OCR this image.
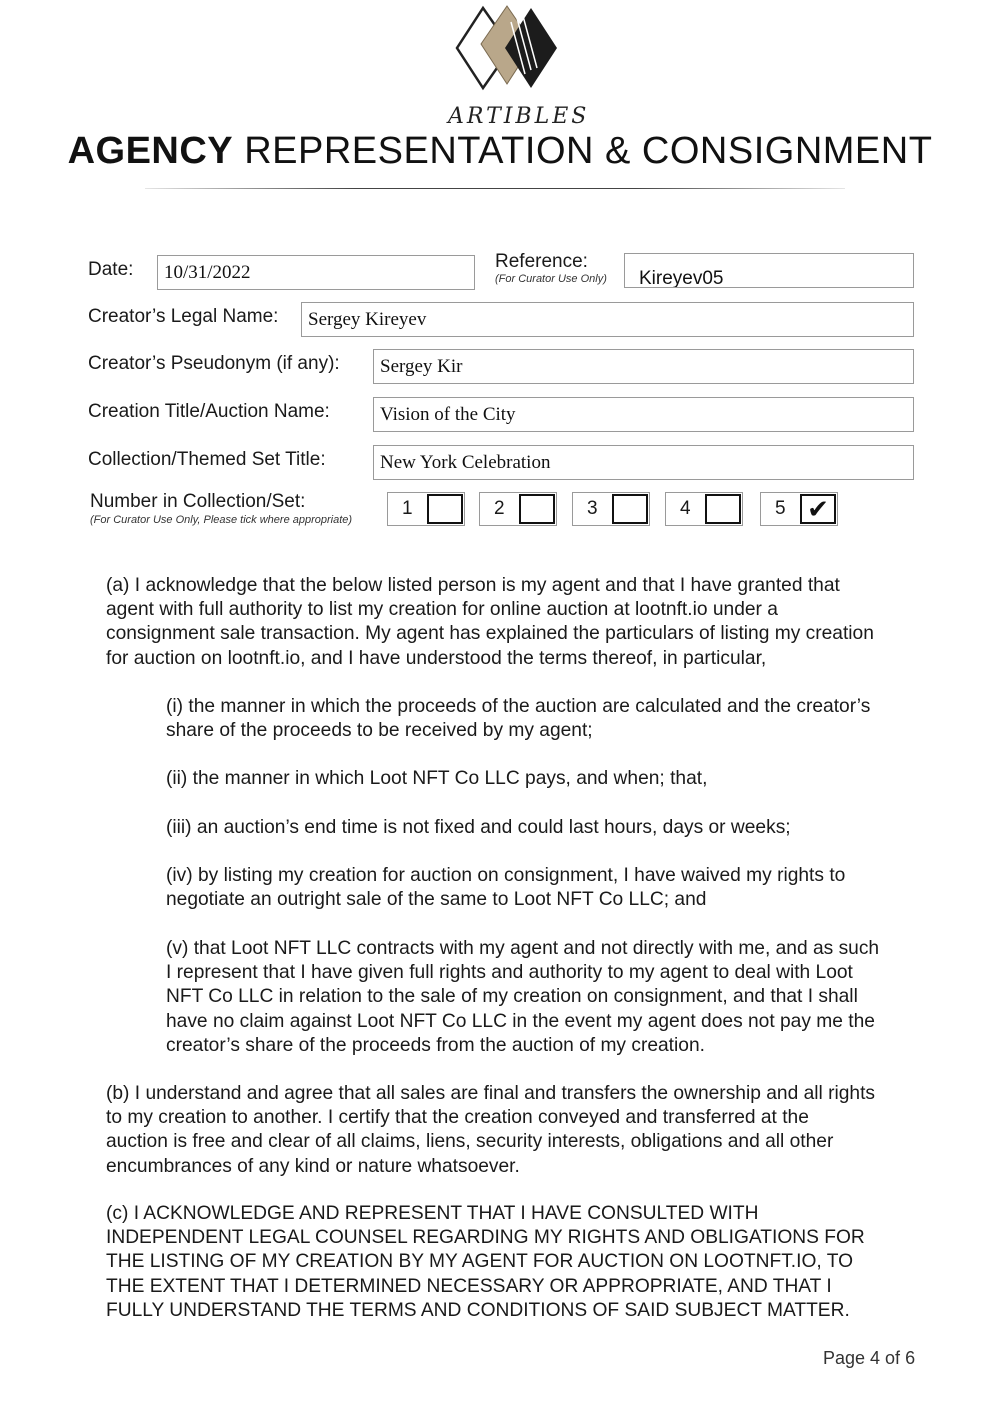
ARTIBLES
AGENCY REPRESENTATION & CONSIGNMENT
Date:	10/31/2022
Reference:
(For Curator Use Only)	Kireyev05
Creator’s Legal Name:	Sergey Kireyev
Creator’s Pseudonym (if any):	Sergey Kir
Creation Title/Auction Name:	Vision of the City
Collection/Themed Set Title:	New York Celebration
Number in Collection/Set:
(For Curator Use Only, Please tick where appropriate)
1	2	3	4	5 ✔

(a) I acknowledge that the below listed person is my agent and that I have granted that

agent with full authority to list my creation for online auction at lootnft.io under a

consignment sale transaction. My agent has explained the particulars of listing my creation

for auction on lootnft.io, and I have understood the terms thereof, in particular,

(i) the manner in which the proceeds of the auction are calculated and the creator’s

share of the proceeds to be received by my agent;

(ii) the manner in which Loot NFT Co LLC pays, and when; that,

(iii) an auction’s end time is not fixed and could last hours, days or weeks;

(iv) by listing my creation for auction on consignment, I have waived my rights to

negotiate an outright sale of the same to Loot NFT Co LLC; and

(v) that Loot NFT LLC contracts with my agent and not directly with me, and as such

I represent that I have given full rights and authority to my agent to deal with Loot

NFT Co LLC in relation to the sale of my creation on consignment, and that I shall

have no claim against Loot NFT Co LLC in the event my agent does not pay me the

creator’s share of the proceeds from the auction of my creation.

(b) I understand and agree that all sales are final and transfers the ownership and all rights

to my creation to another. I certify that the creation conveyed and transferred at the

auction is free and clear of all claims, liens, security interests, obligations and all other

encumbrances of any kind or nature whatsoever.

(c) I ACKNOWLEDGE AND REPRESENT THAT I HAVE CONSULTED WITH

INDEPENDENT LEGAL COUNSEL REGARDING MY RIGHTS AND OBLIGATIONS FOR

THE LISTING OF MY CREATION BY MY AGENT FOR AUCTION ON LOOTNFT.IO, TO

THE EXTENT THAT I DETERMINED NECESSARY OR APPROPRIATE, AND THAT I

FULLY UNDERSTAND THE TERMS AND CONDITIONS OF SAID SUBJECT MATTER.

Page 4 of 6
